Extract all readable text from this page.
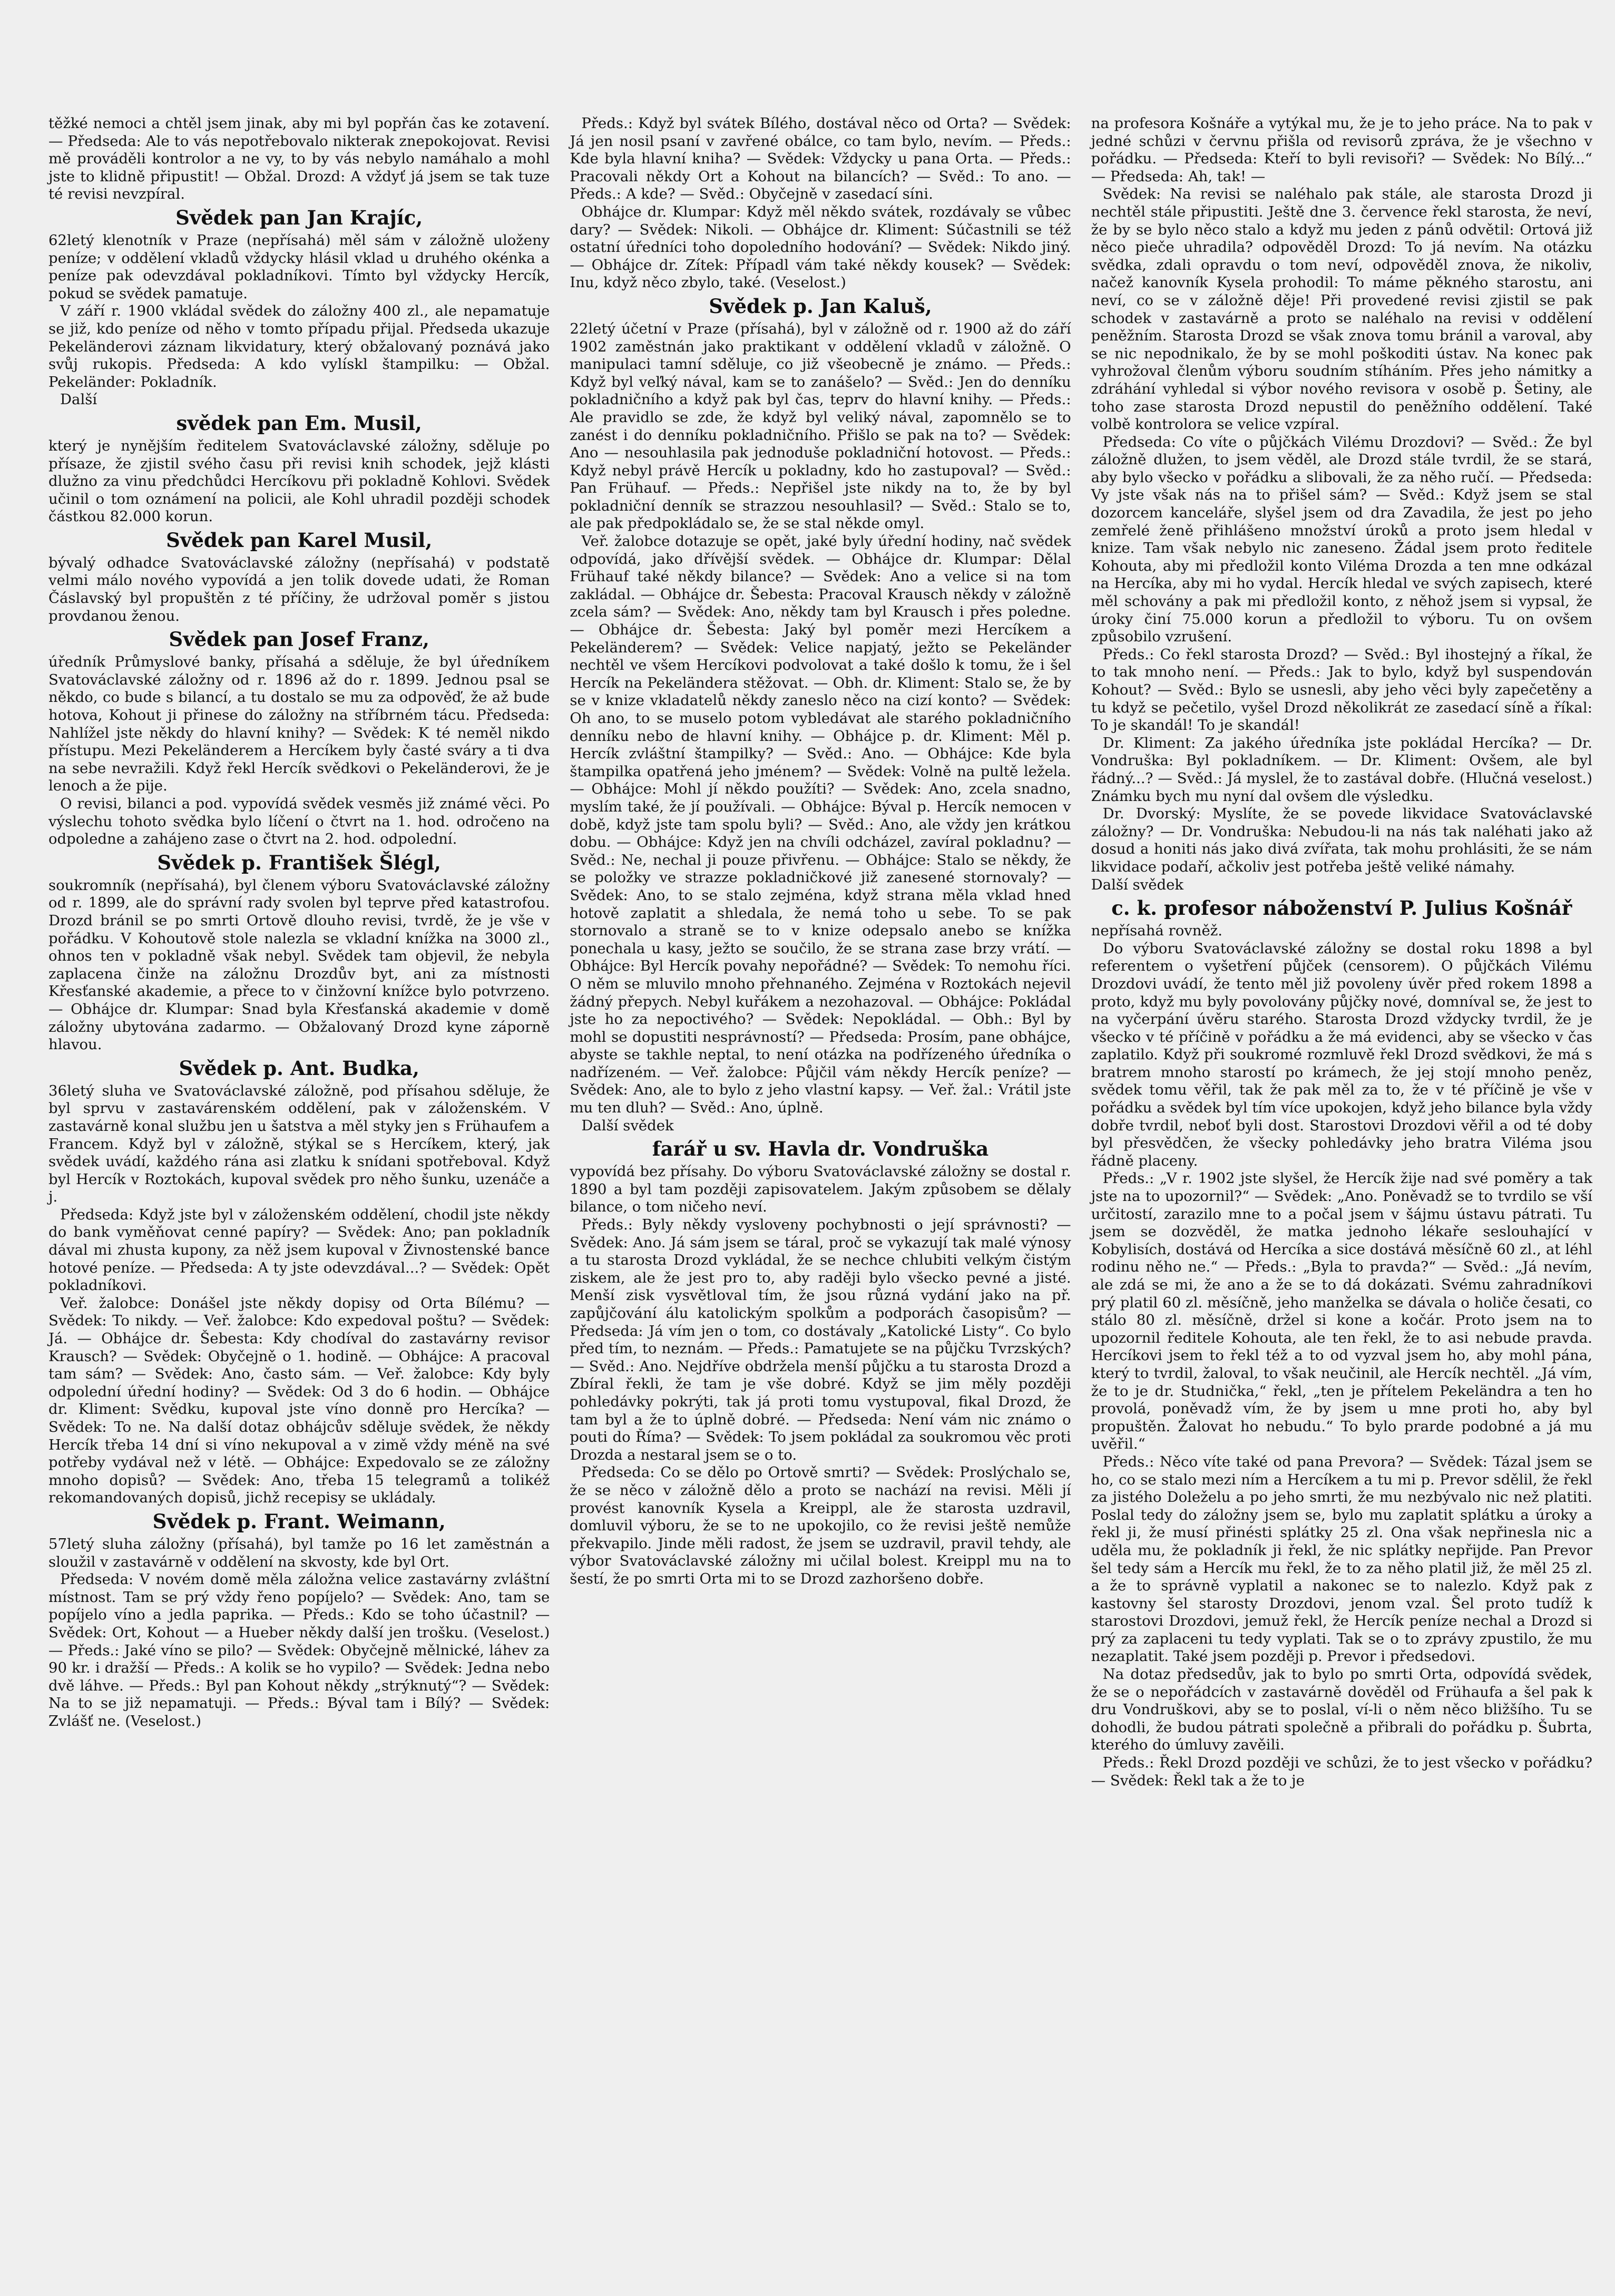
těžké nemoci a chtěl jsem jinak, aby mi byl popřán čas ke zotavení. — Předseda: Ale to vás nepotřebovalo nikterak znepokojovat. Revisi mě prováděli kontrolor a ne vy, to by vás nebylo namáhalo a mohl jste to klidně připustit! — Obžal. Drozd: A vždyť já jsem se tak tuze té revisi nevzpíral.

Svědek pan Jan Krajíc,

62letý klenotník v Praze (nepřísahá) měl sám v záložně uloženy peníze; v oddělení vkladů vždycky hlásil vklad u druhého okénka a peníze pak odevzdával pokladníkovi. Tímto byl vždycky Hercík, pokud se svědek pamatuje.

V září r. 1900 vkládal svědek do záložny 400 zl., ale nepamatuje se již, kdo peníze od něho v tomto případu přijal. Předseda ukazuje Pekeländerovi záznam likvidatury, který obžalovaný poznává jako svůj rukopis. Předseda: A kdo vylískl štampilku: — Obžal. Pekeländer: Pokladník.

Další

svědek pan Em. Musil,

který je nynějším ředitelem Svatováclavské záložny, sděluje po přísaze, že zjistil svého času při revisi knih schodek, jejž klásti dlužno za vinu předchůdci Hercíkovu při pokladně Kohlovi. Svědek učinil o tom oznámení na policii, ale Kohl uhradil později schodek částkou 82.000 korun.

Svědek pan Karel Musil,

bývalý odhadce Svatováclavské záložny (nepřísahá) v podstatě velmi málo nového vypovídá a jen tolik dovede udati, že Roman Čáslavský byl propuštěn z té příčiny, že udržoval poměr s jistou provdanou ženou.

Svědek pan Josef Franz,

úředník Průmyslové banky, přísahá a sděluje, že byl úředníkem Svatováclavské záložny od r. 1896 až do r. 1899. Jednou psal se někdo, co bude s bilancí, a tu dostalo se mu za odpověď, že až bude hotova, Kohout ji přinese do záložny na stříbrném tácu. Předseda: Nahlížel jste někdy do hlavní knihy? — Svědek: K té neměl nikdo přístupu. Mezi Pekeländerem a Hercíkem byly časté sváry a ti dva na sebe nevražili. Když řekl Hercík svědkovi o Pekeländerovi, že je lenoch a že pije.

O revisi, bilanci a pod. vypovídá svědek vesměs již známé věci. Po výslechu tohoto svědka bylo líčení o čtvrt na 1. hod. odročeno na odpoledne a zahájeno zase o čtvrt na 2. hod. odpolední.

Svědek p. František Šlégl,

soukromník (nepřísahá), byl členem výboru Svatováclavské záložny od r. 1899, ale do správní rady svolen byl teprve před katastrofou. Drozd bránil se po smrti Ortově dlouho revisi, tvrdě, že je vše v pořádku. V Kohoutově stole nalezla se vkladní knížka na 3000 zl., ohnos ten v pokladně však nebyl. Svědek tam objevil, že nebyla zaplacena činže na záložnu Drozdův byt, ani za místnosti Křesťanské akademie, a přece to v činžovní knížce bylo potvrzeno. — Obhájce dr. Klumpar: Snad byla Křesťanská akademie v domě záložny ubytována zadarmo. — Obžalovaný Drozd kyne záporně hlavou.

Svědek p. Ant. Budka,

36letý sluha ve Svatováclavské záložně, pod přísahou sděluje, že byl sprvu v zastavárenském oddělení, pak v záloženském. V zastavárně konal službu jen u šatstva a měl styky jen s Frühaufem a Francem. Když byl v záložně, stýkal se s Hercíkem, který, jak svědek uvádí, každého rána asi zlatku k snídani spotřeboval. Když byl Hercík v Roztokách, kupoval svědek pro něho šunku, uzenáče a j.

Předseda: Když jste byl v záloženském oddělení, chodil jste někdy do bank vyměňovat cenné papíry? — Svědek: Ano; pan pokladník dával mi zhusta kupony, za něž jsem kupoval v Živnostenské bance hotové peníze. — Předseda: A ty jste odevzdával...? — Svědek: Opět pokladníkovi.

Veř. žalobce: Donášel jste někdy dopisy od Orta Bílému? — Svědek: To nikdy. — Veř. žalobce: Kdo expedoval poštu? — Svědek: Já. — Obhájce dr. Šebesta: Kdy chodíval do zastavárny revisor Krausch? — Svědek: Obyčejně o 1. hodině. — Obhájce: A pracoval tam sám? — Svědek: Ano, často sám. — Veř. žalobce: Kdy byly odpolední úřední hodiny? — Svědek: Od 3 do 6 hodin. — Obhájce dr. Kliment: Svědku, kupoval jste víno donně pro Hercíka? — Svědek: To ne. Na další dotaz obhájcův sděluje svědek, že někdy Hercík třeba 14 dní si víno nekupoval a v zimě vždy méně na své potřeby vydával než v létě. — Obhájce: Expedovalo se ze záložny mnoho dopisů? — Svědek: Ano, třeba 15 telegramů a tolikéž rekomandovaných dopisů, jichž recepisy se ukládaly.

Svědek p. Frant. Weimann,

57letý sluha záložny (přísahá), byl tamže po 16 let zaměstnán a sloužil v zastavárně v oddělení na skvosty, kde byl Ort.

Předseda: V novém domě měla záložna velice zastavárny zvláštní místnost. Tam se prý vždy řeno popíjelo? — Svědek: Ano, tam se popíjelo víno a jedla paprika. — Předs.: Kdo se toho účastnil? — Svědek: Ort, Kohout — a Hueber někdy další jen trošku. (Veselost.) — Předs.: Jaké víno se pilo? — Svědek: Obyčejně mělnické, láhev za 90 kr. i dražší — Předs.: A kolik se ho vypilo? — Svědek: Jedna nebo dvě láhve. — Předs.: Byl pan Kohout někdy „strýknutý“? — Svědek: Na to se již nepamatuji. — Předs.: Býval tam i Bílý? — Svědek: Zvlášť ne. (Veselost.)

Předs.: Když byl svátek Bílého, dostával něco od Orta? — Svědek: Já jen nosil psaní v zavřené obálce, co tam bylo, nevím. — Předs.: Kde byla hlavní kniha? — Svědek: Vždycky u pana Orta. — Předs.: Pracovali někdy Ort a Kohout na bilancích? — Svěd.: To ano. — Předs.: A kde? — Svěd.: Obyčejně v zasedací síni.

Obhájce dr. Klumpar: Když měl někdo svátek, rozdávaly se vůbec dary? — Svědek: Nikoli. — Obhájce dr. Kliment: Súčastnili se též ostatní úředníci toho dopoledního hodování? — Svědek: Nikdo jiný. — Obhájce dr. Zítek: Případl vám také někdy kousek? — Svědek: Inu, když něco zbylo, také. (Veselost.)

Svědek p. Jan Kaluš,

22letý účetní v Praze (přísahá), byl v záložně od r. 1900 až do září 1902 zaměstnán jako praktikant v oddělení vkladů v záložně. O manipulaci tamní sděluje, co již všeobecně je známo. — Předs.: Když byl veľký nával, kam se to zanášelo? — Svěd.: Jen do denníku pokladničního a když pak byl čas, teprv do hlavní knihy. — Předs.: Ale pravidlo se zde, že když byl veliký nával, zapomnělo se to zanést i do denníku pokladničního. Přišlo se pak na to? — Svědek: Ano — nesouhlasila pak jednoduše pokladniční hotovost. — Předs.: Když nebyl právě Hercík u pokladny, kdo ho zastupoval? — Svěd.: Pan Frühauf. — Předs.: Nepřišel jste nikdy na to, že by byl pokladniční denník se strazzou nesouhlasil? — Svěd.: Stalo se to, ale pak předpokládalo se, že se stal někde omyl.

Veř. žalobce dotazuje se opět, jaké byly úřední hodiny, nač svědek odpovídá, jako dřívější svědek. — Obhájce dr. Klumpar: Dělal Frühauf také někdy bilance? — Svědek: Ano a velice si na tom zakládal. — Obhájce dr. Šebesta: Pracoval Krausch někdy v záložně zcela sám? — Svědek: Ano, někdy tam byl Krausch i přes poledne. — Obhájce dr. Šebesta: Jaký byl poměr mezi Hercíkem a Pekeländerem? — Svědek: Velice napjatý, ježto se Pekeländer nechtěl ve všem Hercíkovi podvolovat a také došlo k tomu, že i šel Hercík na Pekeländera stěžovat. — Obh. dr. Kliment: Stalo se, že by se v knize vkladatelů někdy zaneslo něco na cizí konto? — Svědek: Oh ano, to se muselo potom vybledávat ale starého pokladničního denníku nebo de hlavní knihy. — Obhájce p. dr. Kliment: Měl p. Hercík zvláštní štampilky? — Svěd.: Ano. — Obhájce: Kde byla štampilka opatřená jeho jménem? — Svědek: Volně na pultě ležela. — Obhájce: Mohl jí někdo použíti? — Svědek: Ano, zcela snadno, myslím také, že jí používali. — Obhájce: Býval p. Hercík nemocen v době, když jste tam spolu byli? — Svěd.: Ano, ale vždy jen krátkou dobu. — Obhájce: Když jen na chvíli odcházel, zavíral pokladnu? — Svěd.: Ne, nechal ji pouze přivřenu. — Obhájce: Stalo se někdy, že se položky ve strazze pokladničkové již zanesené stornovaly? — Svědek: Ano, to se stalo zejména, když strana měla vklad hned hotově zaplatit a shledala, že nemá toho u sebe. To se pak stornovalo a straně se to v knize odepsalo anebo se knížka ponechala u kasy, ježto se součilo, že se strana zase brzy vrátí. — Obhájce: Byl Hercík povahy nepořádné? — Svědek: To nemohu říci. O něm se mluvilo mnoho přehnaného. Zejména v Roztokách nejevil žádný přepych. Nebyl kuřákem a nezohazoval. — Obhájce: Pokládal jste ho za nepoctivého? — Svědek: Nepokládal. — Obh.: Byl by mohl se dopustiti nesprávností? — Předseda: Prosím, pane obhájce, abyste se takhle neptal, to není otázka na podřízeného úředníka o nadřízeném. — Veř. žalobce: Půjčil vám někdy Hercík peníze? — Svědek: Ano, ale to bylo z jeho vlastní kapsy. — Veř. žal.: Vrátil jste mu ten dluh? — Svěd.: Ano, úplně.

Další svědek

farář u sv. Havla dr. Vondruška

vypovídá bez přísahy. Do výboru Svatováclavské záložny se dostal r. 1890 a byl tam později zapisovatelem. Jakým způsobem se dělaly bilance, o tom ničeho neví.

Předs.: Byly někdy vysloveny pochybnosti o její správnosti? — Svědek: Ano. Já sám jsem se táral, proč se vykazují tak malé výnosy a tu starosta Drozd vykládal, že se nechce chlubiti velkým čistým ziskem, ale že jest pro to, aby raději bylo všecko pevné a jisté. Menší zisk vysvětloval tím, že jsou různá vydání jako na př. zapůjčování álu katolickým spolkům a podporách časopisům? — Předseda: Já vím jen o tom, co dostávaly „Katolické Listy“. Co bylo před tím, to neznám. — Předs.: Pamatujete se na půjčku Tvrzských? — Svěd.: Ano. Nejdříve obdržela menší půjčku a tu starosta Drozd a Zbíral řekli, že tam je vše dobré. Když se jim měly později pohledávky pokrýti, tak já proti tomu vystupoval, fikal Drozd, že tam byl a že to úplně dobré. — Předseda: Není vám nic známo o pouti do Říma? — Svědek: To jsem pokládal za soukromou věc proti Drozda a nestaral jsem se o to.

Předseda: Co se dělo po Ortově smrti? — Svědek: Proslýchalo se, že se něco v záložně dělo a proto se nachází na revisi. Měli jí provést kanovník Kysela a Kreippl, ale že starosta uzdravil, domluvil výboru, že se to ne upokojilo, co že revisi ještě nemůže překvapilo. Jinde měli radost, že jsem se uzdravil, pravil tehdy, ale výbor Svatováclavské záložny mi učilal bolest. Kreippl mu na to šestí, že po smrti Orta mi to se Drozd zazhoršeno dobře.

na profesora Košnáře a vytýkal mu, že je to jeho práce. Na to pak v jedné schůzi v červnu přišla od revisorů zpráva, že je všechno v pořádku. — Předseda: Kteří to byli revisoři? — Svědek: No Bílý...“ — Předseda: Ah, tak! —

Svědek: Na revisi se naléhalo pak stále, ale starosta Drozd ji nechtěl stále připustiti. Ještě dne 3. července řekl starosta, že neví, že by se bylo něco stalo a když mu jeden z pánů odvětil: Ortová již něco pieče uhradila? odpověděl Drozd: To já nevím. Na otázku svědka, zdali opravdu o tom neví, odpověděl znova, že nikoliv, načež kanovník Kysela prohodil: To máme pěkného starostu, ani neví, co se v záložně děje! Při provedené revisi zjistil se pak schodek v zastavárně a proto se naléhalo na revisi v oddělení peněžním. Starosta Drozd se však znova tomu bránil a varoval, aby se nic nepodnikalo, že by se mohl poškoditi ústav. Na konec pak vyhrožoval členům výboru soudním stíháním. Přes jeho námitky a zdráhání vyhledal si výbor nového revisora v osobě p. Šetiny, ale toho zase starosta Drozd nepustil do peněžního oddělení. Také volbě kontrolora se velice vzpíral.

Předseda: Co víte o půjčkách Vilému Drozdovi? — Svěd.: Že byl záložně dlužen, to jsem věděl, ale Drozd stále tvrdil, že se stará, aby bylo všecko v pořádku a slibovali, že za něho ručí. — Předseda: Vy jste však nás na to přišel sám? — Svěd.: Když jsem se stal dozorcem kanceláře, slyšel jsem od dra Zavadila, že jest po jeho zemřelé ženě přihlášeno množství úroků a proto jsem hledal v knize. Tam však nebylo nic zaneseno. Žádal jsem proto ředitele Kohouta, aby mi předložil konto Viléma Drozda a ten mne odkázal na Hercíka, aby mi ho vydal. Hercík hledal ve svých zapisech, které měl schovány a pak mi předložil konto, z něhož jsem si vypsal, že úroky činí 75.000 korun a předložil to výboru. Tu on ovšem způsobilo vzrušení.

Předs.: Co řekl starosta Drozd? — Svěd.: Byl ihostejný a říkal, že to tak mnoho není. — Předs.: Jak to bylo, když byl suspendován Kohout? — Svěd.: Bylo se usnesli, aby jeho věci byly zapečetěny a tu když se pečetilo, vyšel Drozd několikrát ze zasedací síně a říkal: To je skandál! To je skandál!

Dr. Kliment: Za jakého úředníka jste pokládal Hercíka? — Dr. Vondruška: Byl pokladníkem. — Dr. Kliment: Ovšem, ale byl řádný...? — Svěd.: Já myslel, že to zastával dobře. (Hlučná veselost.) Známku bych mu nyní dal ovšem dle výsledku.

Dr. Dvorský: Myslíte, že se povede likvidace Svatováclavské záložny? — Dr. Vondruška: Nebudou-li na nás tak naléhati jako až dosud a honiti nás jako divá zvířata, tak mohu prohlásiti, že se nám likvidace podaří, ačkoliv jest potřeba ještě veliké námahy.

Další svědek

c. k. profesor náboženství P. Julius Košnář

nepřísahá rovněž.

Do výboru Svatováclavské záložny se dostal roku 1898 a byl referentem o vyšetření půjček (censorem). O půjčkách Vilému Drozdovi uvádí, že tento měl již povoleny úvěr před rokem 1898 a proto, když mu byly povolovány půjčky nové, domníval se, že jest to na vyčerpání úvěru starého. Starosta Drozd vždycky tvrdil, že je všecko v té příčině v pořádku a že má evidenci, aby se všecko v čas zaplatilo. Když při soukromé rozmluvě řekl Drozd svědkovi, že má s bratrem mnoho starostí po krámech, že jej stojí mnoho peněz, svědek tomu věřil, tak že pak měl za to, že v té příčině je vše v pořádku a svědek byl tím více upokojen, když jeho bilance byla vždy dobře tvrdil, neboť byli dost. Starostovi Drozdovi věřil a od té doby byl přesvědčen, že všecky pohledávky jeho bratra Viléma jsou řádně placeny.

Předs.: „V r. 1902 jste slyšel, že Hercík žije nad své poměry a tak jste na to upozornil?“ — Svědek: „Ano. Poněvadž se to tvrdilo se vší určitostí, zarazilo mne to a počal jsem v šájmu ústavu pátrati. Tu jsem se dozvěděl, že matka jednoho lékaře seslouhající v Kobylisích, dostává od Hercíka a sice dostává měsíčně 60 zl., at léhl rodinu něho ne.“ — Předs.: „Byla to pravda?“ — Svěd.: „Já nevím, ale zdá se mi, že ano a že se to dá dokázati. Svému zahradníkovi prý platil 60 zl. měsíčně, jeho manželka se dávala o holiče česati, co stálo 80 zl. měsíčně, držel si kone a kočár. Proto jsem na to upozornil ředitele Kohouta, ale ten řekl, že to asi nebude pravda. Hercíkovi jsem to řekl též a to od vyzval jsem ho, aby mohl pána, který to tvrdil, žaloval, to však neučinil, ale Hercík nechtěl. „Já vím, že to je dr. Studnička,“ řekl, „ten je přítelem Pekeländra a ten ho provolá, poněvadž vím, že by jsem u mne proti ho, aby byl propuštěn. Žalovat ho nebudu.“ To bylo prarde podobné a já mu uvěřil.“

Předs.: Něco víte také od pana Prevora? — Svědek: Tázal jsem se ho, co se stalo mezi ním a Hercíkem a tu mi p. Prevor sdělil, že řekl za jistého Doleželu a po jeho smrti, že mu nezbývalo nic než platiti. Poslal tedy do záložny jsem se, bylo mu zaplatit splátku a úroky a řekl ji, že musí přinésti splátky 25 zl. Ona však nepřinesla nic a uděla mu, že pokladník ji řekl, že nic splátky nepřijde. Pan Prevor šel tedy sám a Hercík mu řekl, že to za něho platil již, že měl 25 zl. a že to správně vyplatil a nakonec se to nalezlo. Když pak z kastovny šel starosty Drozdovi, jenom vzal. Šel proto tudíž k starostovi Drozdovi, jemuž řekl, že Hercík peníze nechal a Drozd si prý za zaplaceni tu tedy vyplati. Tak se o to zprávy zpustilo, že mu nezaplatit. Také jsem později p. Prevor i předsedovi.

Na dotaz předsedův, jak to bylo po smrti Orta, odpovídá svědek, že se o nepořádcích v zastavárně dověděl od Frühaufa a šel pak k dru Vondruškovi, aby se to poslal, ví-li o něm něco bližšího. Tu se dohodli, že budou pátrati společně a přibrali do pořádku p. Šubrta, kterého do úmluvy zavěili.

Předs.: Řekl Drozd později ve schůzi, že to jest všecko v pořádku? — Svědek: Řekl tak a že to je
